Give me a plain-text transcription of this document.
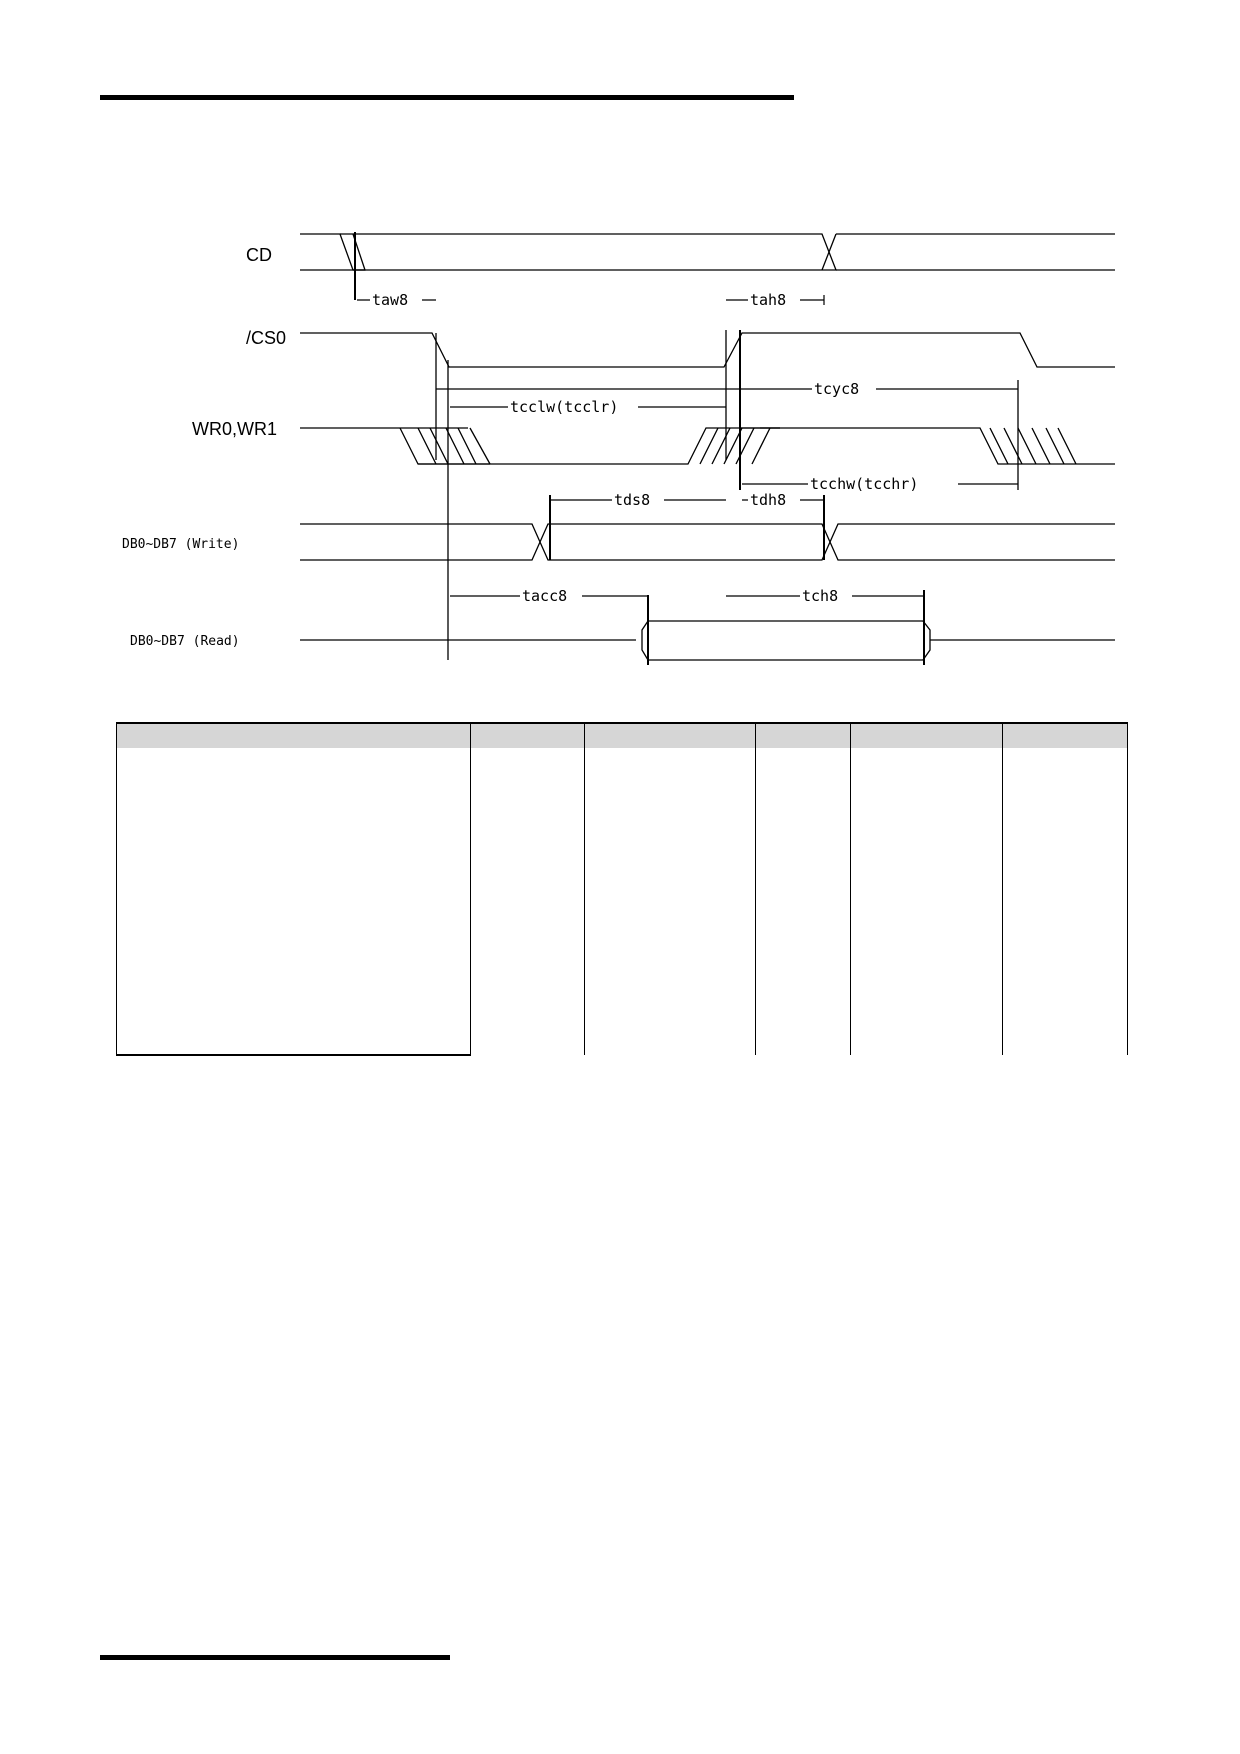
CD
/CS0
WR0,WR1
DB0~DB7 (Write)
DB0~DB7 (Read)
taw8	tah8
tcyc8
tcclw(tcclr)
tcchw(tcchr)
tds8	tdh8
tacc8	tch8
